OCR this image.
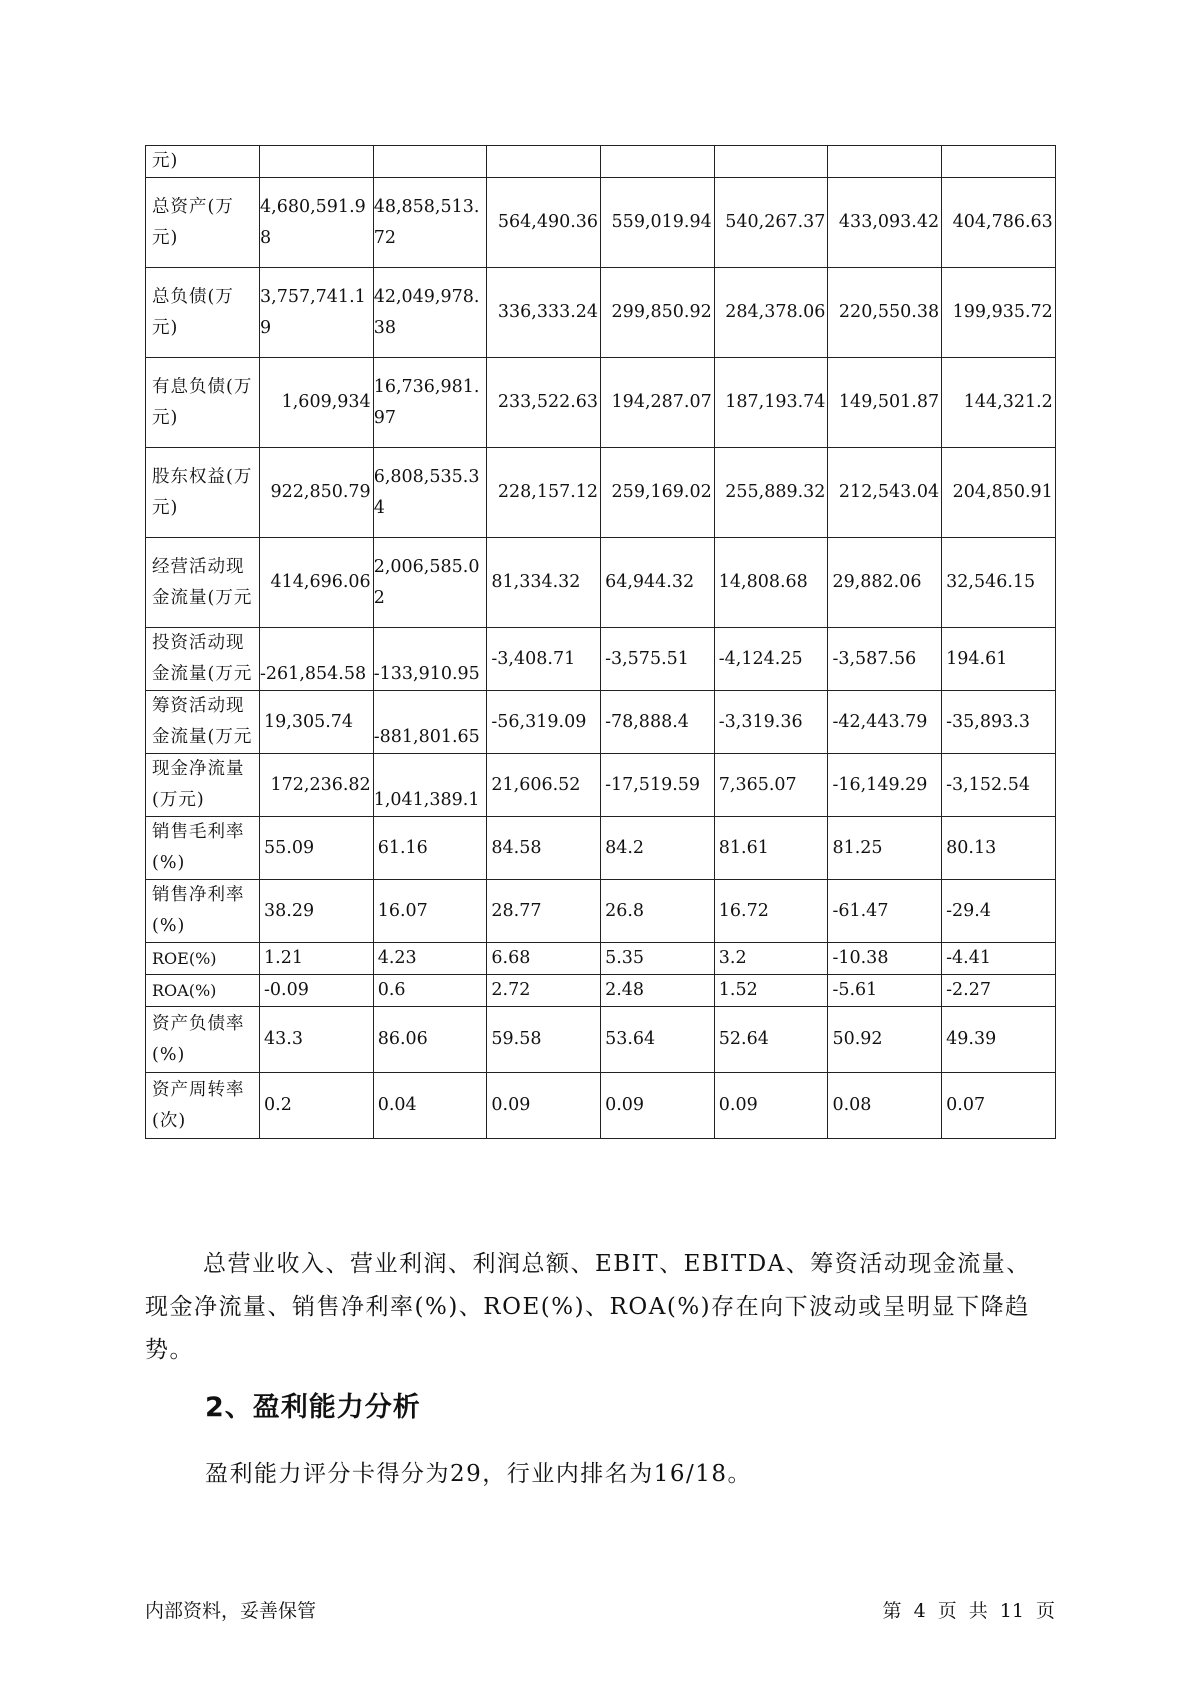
元)							
总资产(万元)	4,680,591.98	48,858,513.72	564,490.36	559,019.94	540,267.37	433,093.42	404,786.63
总负债(万元)	3,757,741.19	42,049,978.38	336,333.24	299,850.92	284,378.06	220,550.38	199,935.72
有息负债(万元)	1,609,934	16,736,981.97	233,522.63	194,287.07	187,193.74	149,501.87	144,321.2
股东权益(万元)	922,850.79	6,808,535.34	228,157.12	259,169.02	255,889.32	212,543.04	204,850.91
经营活动现金流量(万元	414,696.06	2,006,585.02	81,334.32	64,944.32	14,808.68	29,882.06	32,546.15
投资活动现金流量(万元	-261,854.58	-133,910.95	-3,408.71	-3,575.51	-4,124.25	-3,587.56	194.61
筹资活动现金流量(万元	19,305.74	-881,801.65	-56,319.09	-78,888.4	-3,319.36	-42,443.79	-35,893.3
现金净流量(万元)	172,236.82	1,041,389.1	21,606.52	-17,519.59	7,365.07	-16,149.29	-3,152.54
销售毛利率(%)	55.09	61.16	84.58	84.2	81.61	81.25	80.13
销售净利率(%)	38.29	16.07	28.77	26.8	16.72	-61.47	-29.4
ROE(%)	1.21	4.23	6.68	5.35	3.2	-10.38	-4.41
ROA(%)	-0.09	0.6	2.72	2.48	1.52	-5.61	-2.27
资产负债率(%)	43.3	86.06	59.58	53.64	52.64	50.92	49.39
资产周转率(次)	0.2	0.04	0.09	0.09	0.09	0.08	0.07
总营业收入、营业利润、利润总额、EBIT、EBITDA、筹资活动现金流量、现金净流量、销售净利率(%)、ROE(%)、ROA(%)存在向下波动或呈明显下降趋势。
2、盈利能力分析
盈利能力评分卡得分为29，行业内排名为16/18。
内部资料，妥善保管	第 4 页 共 11 页
